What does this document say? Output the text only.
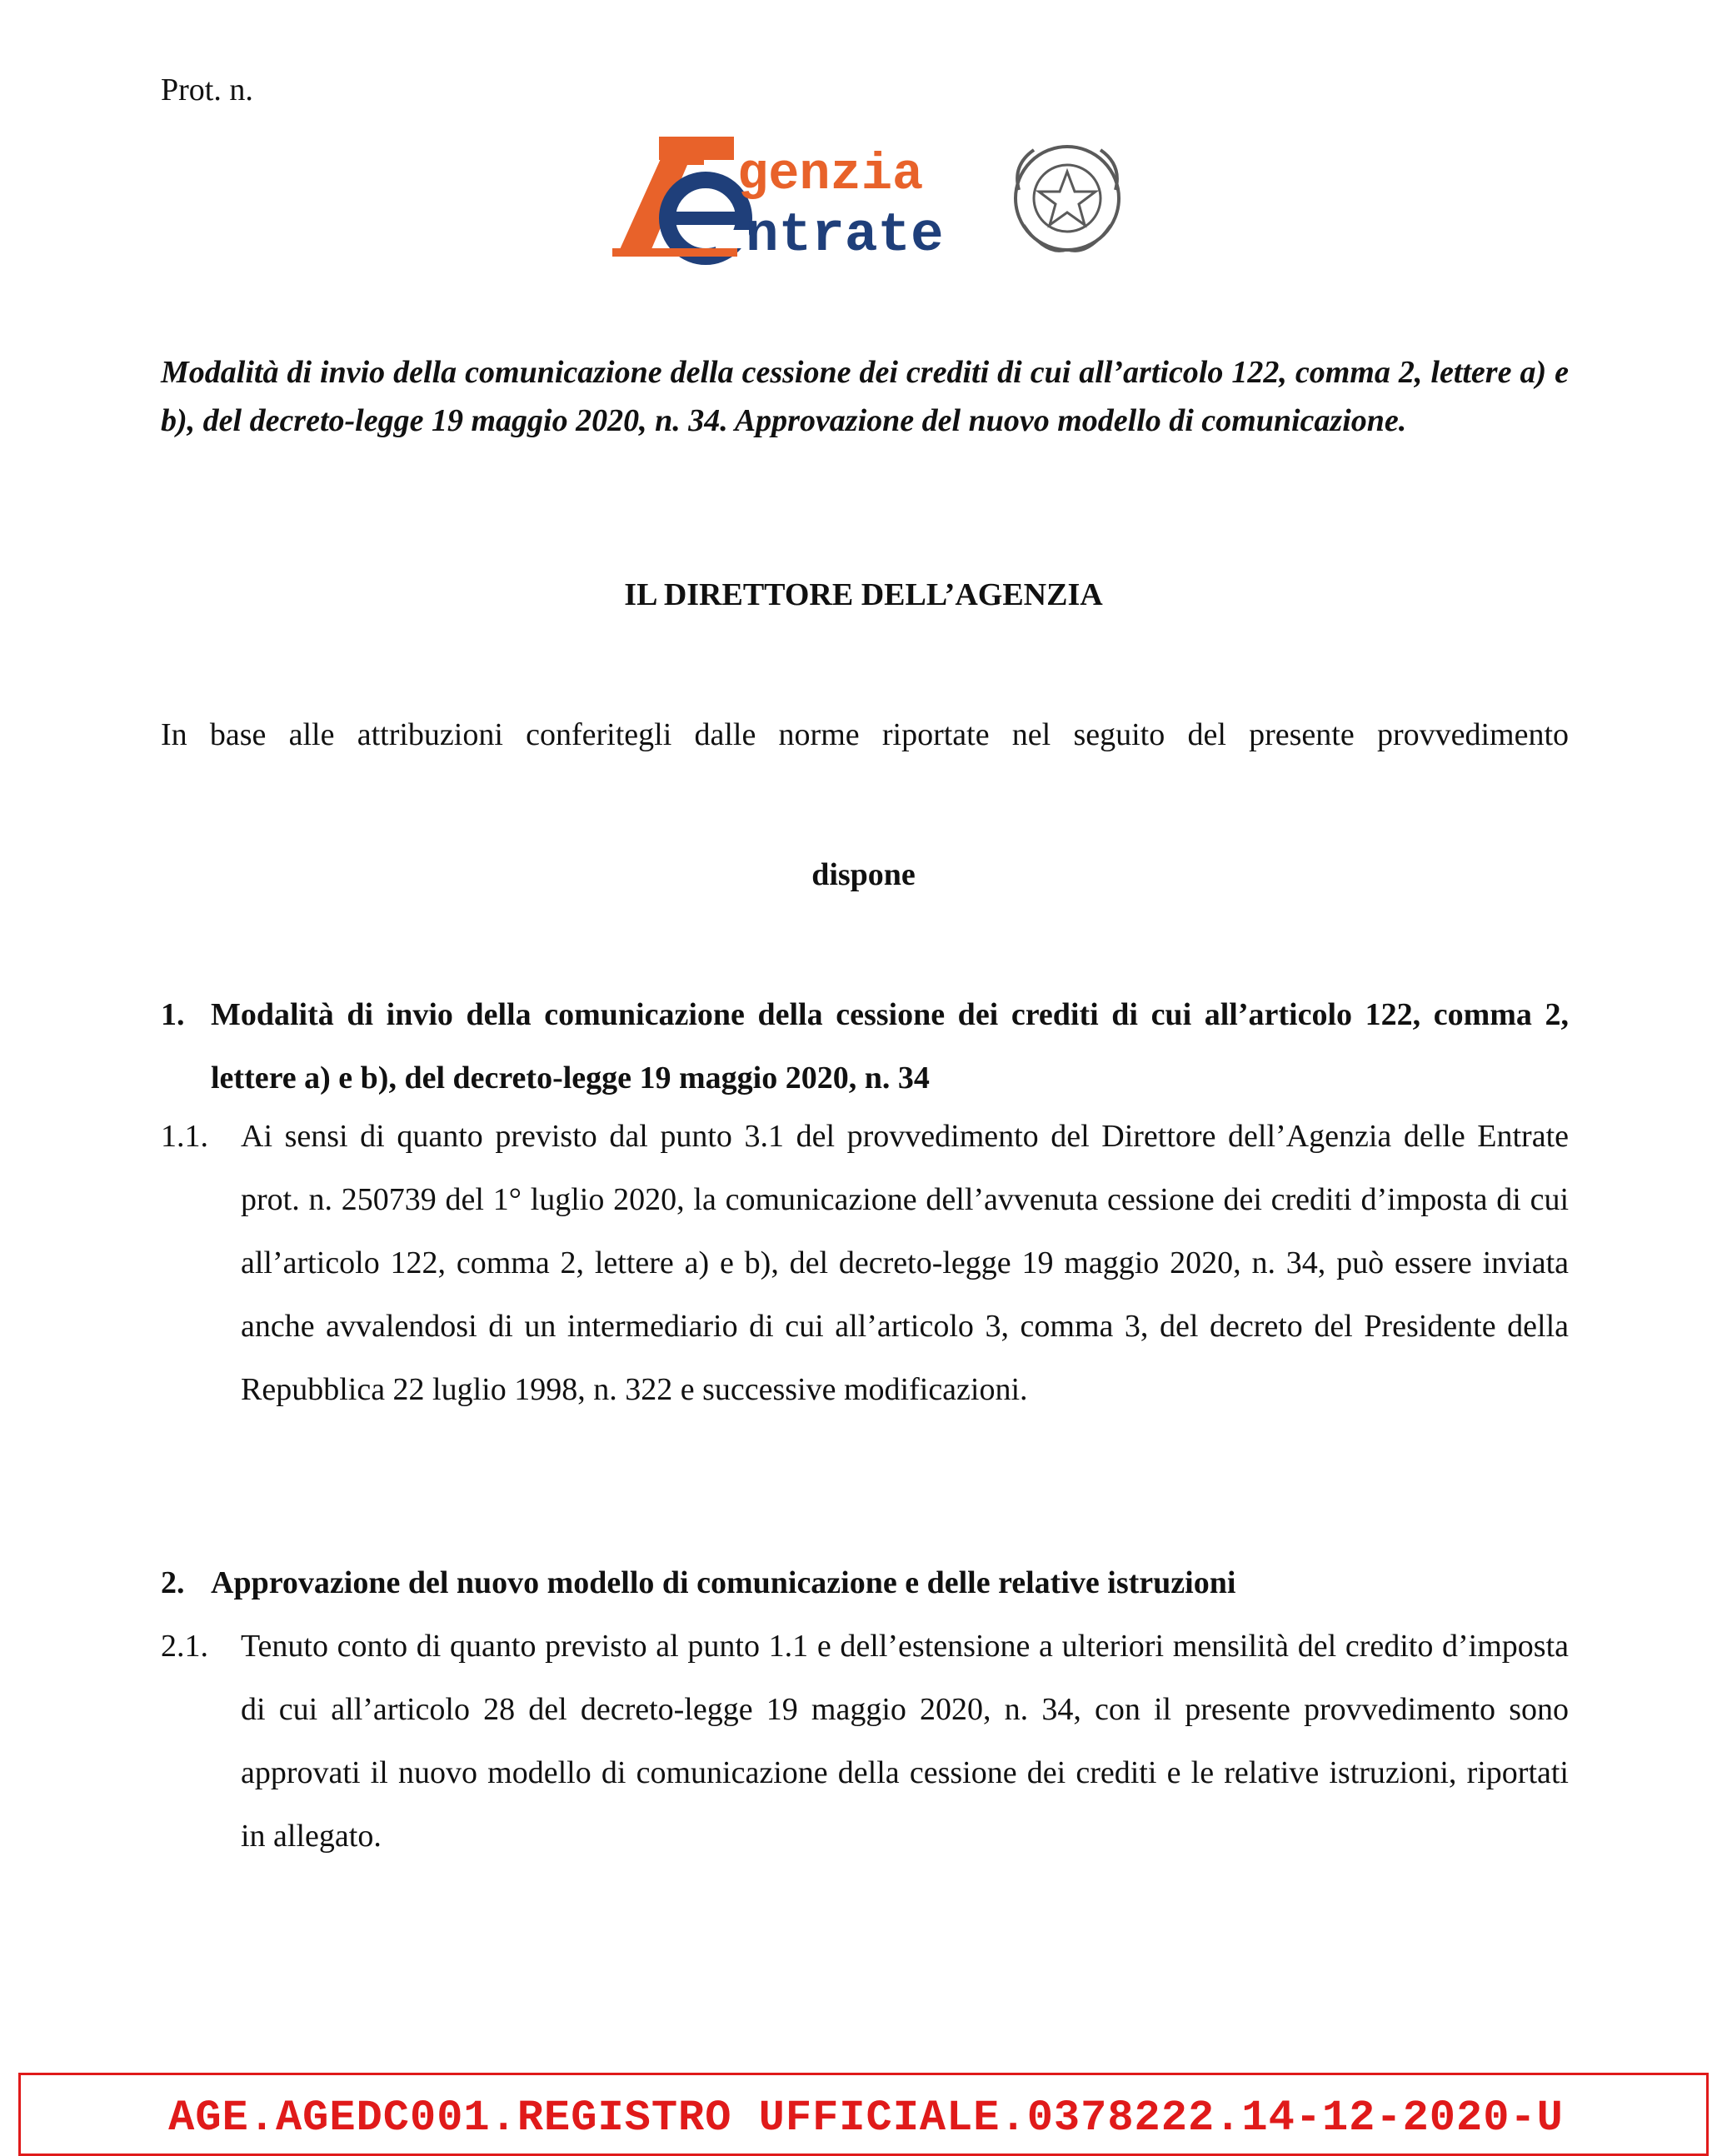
Prot. n.
genzia
ntrate
Modalità di invio della comunicazione della cessione dei crediti di cui all’articolo 122, comma 2, lettere a) e b), del decreto-legge 19 maggio 2020, n. 34. Approvazione del nuovo modello di comunicazione.
IL DIRETTORE DELL’AGENZIA
In base alle attribuzioni conferitegli dalle norme riportate nel seguito del presente provvedimento
dispone
1. Modalità di invio della comunicazione della cessione dei crediti di cui all’articolo 122, comma 2, lettere a) e b), del decreto-legge 19 maggio 2020, n. 34
1.1. Ai sensi di quanto previsto dal punto 3.1 del provvedimento del Direttore dell’Agenzia delle Entrate prot. n. 250739 del 1° luglio 2020, la comunicazione dell’avvenuta cessione dei crediti d’imposta di cui all’articolo 122, comma 2, lettere a) e b), del decreto-legge 19 maggio 2020, n. 34, può essere inviata anche avvalendosi di un intermediario di cui all’articolo 3, comma 3, del decreto del Presidente della Repubblica 22 luglio 1998, n. 322 e successive modificazioni.
2. Approvazione del nuovo modello di comunicazione e delle relative istruzioni
2.1. Tenuto conto di quanto previsto al punto 1.1 e dell’estensione a ulteriori mensilità del credito d’imposta di cui all’articolo 28 del decreto-legge 19 maggio 2020, n. 34, con il presente provvedimento sono approvati il nuovo modello di comunicazione della cessione dei crediti e le relative istruzioni, riportati in allegato.
AGE.AGEDC001.REGISTRO UFFICIALE.0378222.14-12-2020-U
